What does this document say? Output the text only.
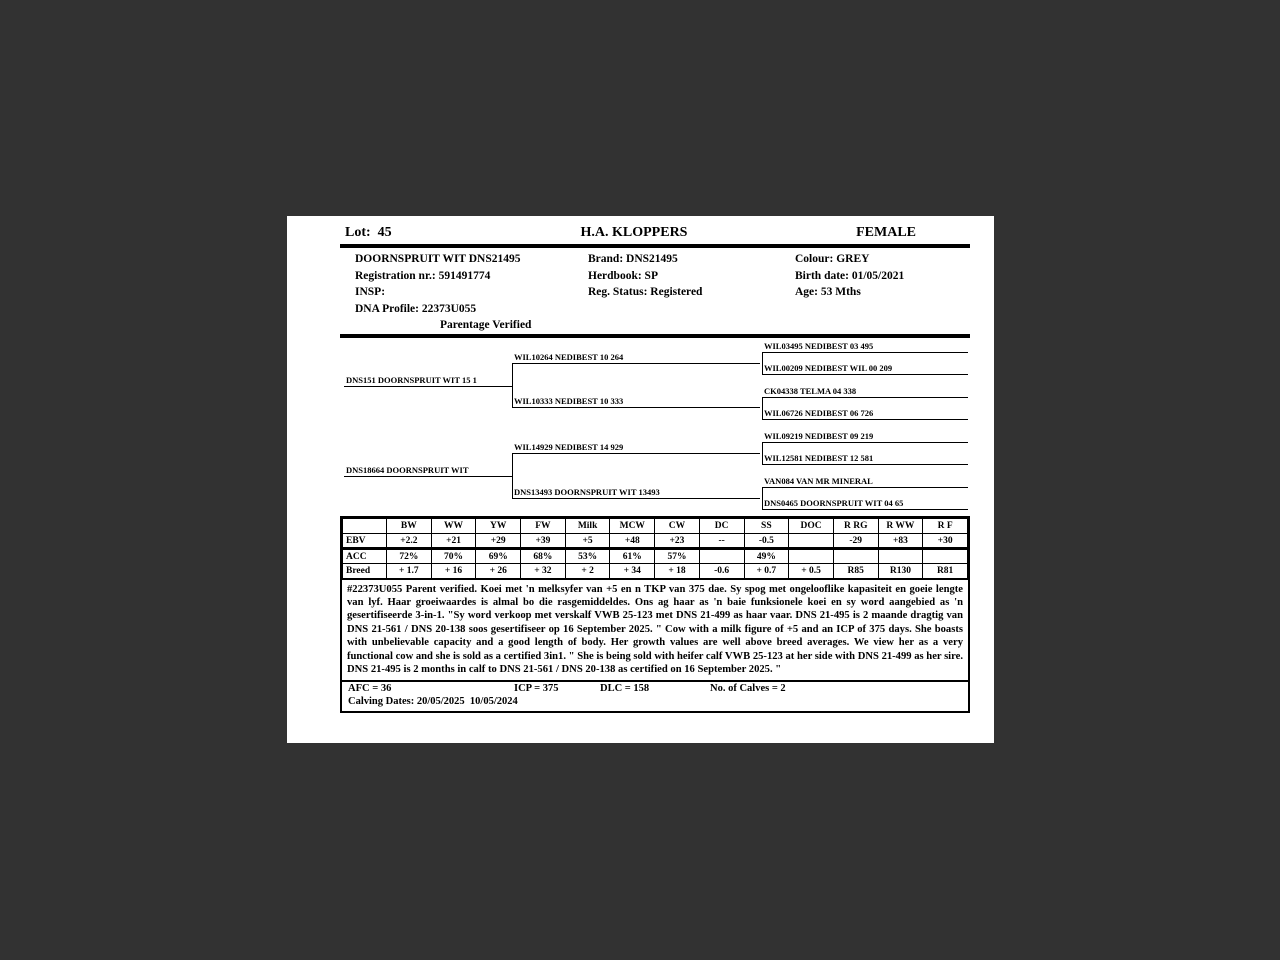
Lot:  45	H.A. KLOPPERS	FEMALE
DOORNSPRUIT WIT DNS21495
Registration nr.: 591491774
INSP:
DNA Profile: 22373U055
Parentage Verified
Brand: DNS21495
Herdbook: SP
Reg. Status: Registered
Colour: GREY
Birth date: 01/05/2021
Age: 53 Mths
DNS151 DOORNSPRUIT WIT 15 1
DNS18664 DOORNSPRUIT WIT
WIL10264 NEDIBEST 10 264
WIL10333 NEDIBEST 10 333
WIL14929 NEDIBEST 14 929
DNS13493 DOORNSPRUIT WIT 13493
WIL03495 NEDIBEST 03 495
WIL00209 NEDIBEST WIL 00 209
CK04338 TELMA 04 338
WIL06726 NEDIBEST 06 726
WIL09219 NEDIBEST 09 219
WIL12581 NEDIBEST 12 581
VAN084 VAN MR MINERAL
DNS0465 DOORNSPRUIT WIT 04 65
	BW	WW	YW	FW	Milk	MCW	CW	DC	SS	DOC	R RG	R WW	R F
EBV	+2.2	+21	+29	+39	+5	+48	+23	--	-0.5		-29	+83	+30
ACC	72%	70%	69%	68%	53%	61%	57%		49%				
Breed	+ 1.7	+ 16	+ 26	+ 32	+ 2	+ 34	+ 18	-0.6	+ 0.7	+ 0.5	R85	R130	R81

#22373U055 Parent verified. Koei met 'n melksyfer van +5 en n TKP van 375 dae. Sy spog met ongelooflike kapasiteit en goeie lengte van lyf. Haar groeiwaardes is almal bo die rasgemiddeldes. Ons ag haar as 'n baie funksionele koei en sy word aangebied as 'n gesertifiseerde 3-in-1. "Sy word verkoop met verskalf VWB 25-123 met DNS 21-499 as haar vaar. DNS 21-495 is 2 maande dragtig van DNS 21-561 / DNS 20-138 soos gesertifiseer op 16 September 2025. " Cow with a milk figure of +5 and an ICP of 375 days. She boasts with unbelievable capacity and a good length of body. Her growth values are well above breed averages. We view her as a very functional cow and she is sold as a certified 3in1. " She is being sold with heifer calf VWB 25-123 at her side with DNS 21-499 as her sire. DNS 21-495 is 2 months in calf to DNS 21-561 / DNS 20-138 as certified on 16 September 2025. "

AFC = 36	ICP = 375	DLC = 158	No. of Calves = 2
Calving Dates: 20/05/2025  10/05/2024
